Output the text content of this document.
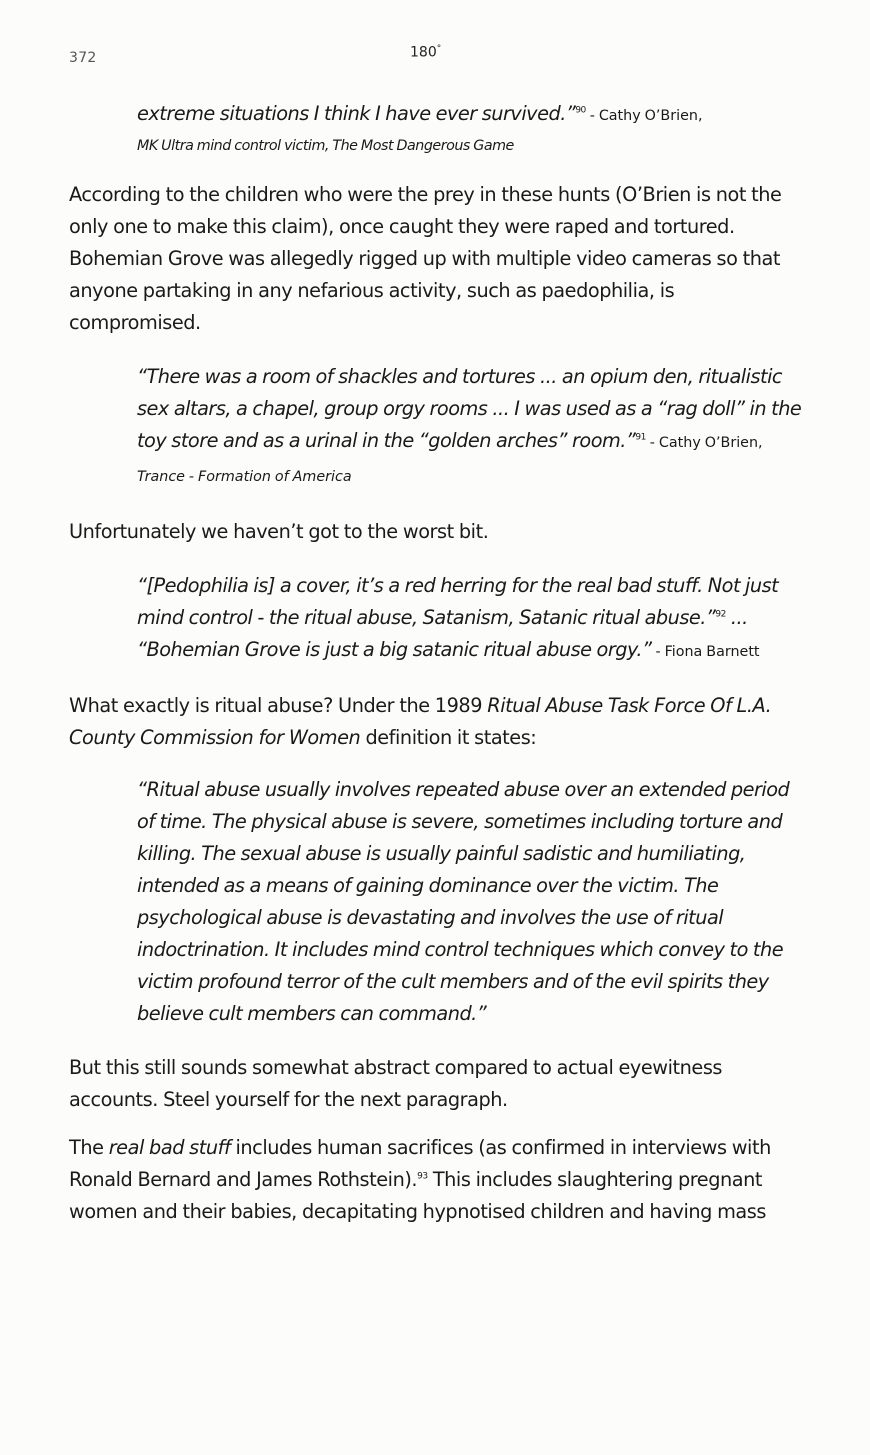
372	180°
extreme situations I think I have ever survived.”$^{90}$ - Cathy O’Brien,
MK Ultra mind control victim, The Most Dangerous Game

According to the children who were the prey in these hunts (O’Brien is not the only one to make this claim), once caught they were raped and tortured. Bohemian Grove was allegedly rigged up with multiple video cameras so that anyone partaking in any nefarious activity, such as paedophilia, is compromised.

“There was a room of shackles and tortures ... an opium den, ritualistic sex altars, a chapel, group orgy rooms ... I was used as a “rag doll” in the toy store and as a urinal in the “golden arches” room.”$^{91}$ - Cathy O’Brien, Trance - Formation of America

Unfortunately we haven’t got to the worst bit.

“[Pedophilia is] a cover, it’s a red herring for the real bad stuff. Not just mind control - the ritual abuse, Satanism, Satanic ritual abuse.”$^{92}$ ... “Bohemian Grove is just a big satanic ritual abuse orgy.” - Fiona Barnett

What exactly is ritual abuse? Under the 1989 Ritual Abuse Task Force Of L.A. County Commission for Women definition it states:

“Ritual abuse usually involves repeated abuse over an extended period of time. The physical abuse is severe, sometimes including torture and killing. The sexual abuse is usually painful sadistic and humiliating, intended as a means of gaining dominance over the victim. The psychological abuse is devastating and involves the use of ritual indoctrination. It includes mind control techniques which convey to the victim profound terror of the cult members and of the evil spirits they believe cult members can command.”

But this still sounds somewhat abstract compared to actual eyewitness accounts. Steel yourself for the next paragraph.

The real bad stuff includes human sacrifices (as confirmed in interviews with Ronald Bernard and James Rothstein).$^{93}$ This includes slaughtering pregnant women and their babies, decapitating hypnotised children and having mass
